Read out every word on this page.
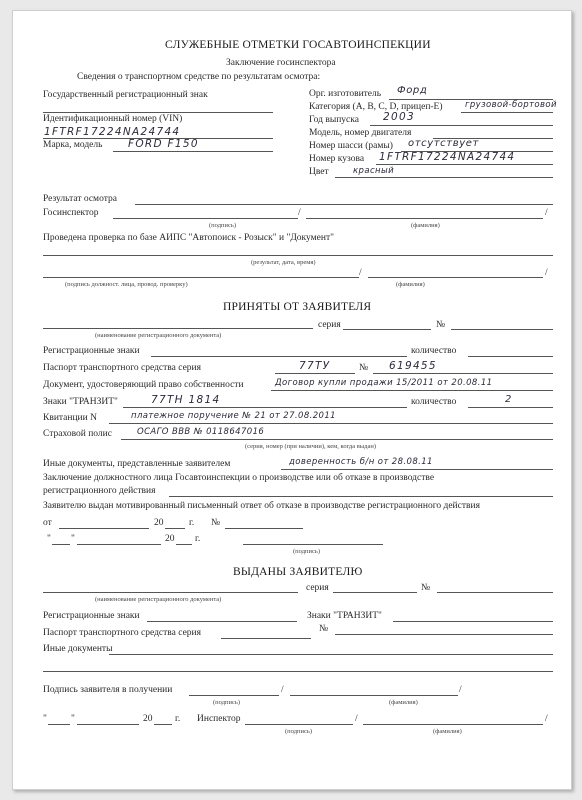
СЛУЖЕБНЫЕ ОТМЕТКИ ГОСАВТОИНСПЕКЦИИ
Заключение госинспектора
Сведения о транспортном средстве по результатам осмотра:
Государственный регистрационный знак
Идентификационный номер (VIN)
1FTRF17224NA24744
Марка, модель FORD F150
Орг. изготовитель Форд
Категория (А, В, С, D, прицеп-Е)	грузовой-бортовой
Год выпуска 2003
Модель, номер двигателя
Номер шасси (рамы) отсутствует
Номер кузова 1FTRF17224NA24744
Цвет	красный
Результат осмотра
Госинспектор	/	/
(подпись)	(фамилия)
Проведена проверка по базе АИПС "Автопоиск - Розыск" и "Документ"
(результат, дата, время)
/	/
(подпись должност. лица, провод. проверку)	(фамилия)
ПРИНЯТЫ ОТ ЗАЯВИТЕЛЯ
серия	№
(наименование регистрационного документа)
Регистрационные знаки	количество
Паспорт транспортного средства серия	77ТУ	№ 619455
Документ, удостоверяющий право собственности	Договор купли продажи 15/2011 от 20.08.11
Знаки "ТРАНЗИТ"	77ТН 1814	количество	2
Квитанции N	платежное поручение № 21 от 27.08.2011
Страховой полис	ОСАГО ВВВ № 0118647016
(серия, номер (при наличии), кем, когда выдан)
Иные документы, представленные заявителем	доверенность б/н от 28.08.11
Заключение должностного лица Госавтоинспекции о производстве или об отказе в производстве
регистрационного действия
Заявителю выдан мотивированный письменный ответ об отказе в производстве регистрационного действия
от	20	г. №
" "	20 г.
(подпись)
ВЫДАНЫ ЗАЯВИТЕЛЮ
серия	№
(наименование регистрационного документа)
Регистрационные знаки	Знаки "ТРАНЗИТ"
Паспорт транспортного средства серия	№
Иные документы
Подпись заявителя в получении	/	/
(подпись)	(фамилия)
"	"	20 г. Инспектор	/	/
(подпись)	(фамилия)
